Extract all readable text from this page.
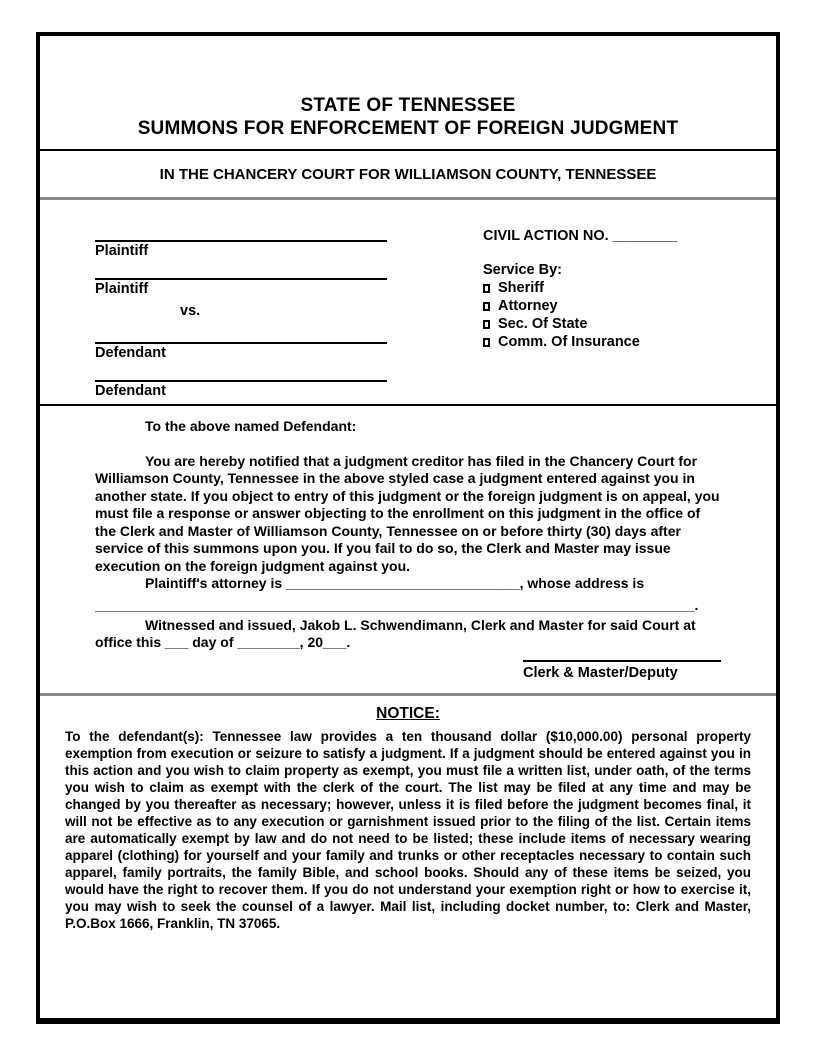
STATE OF TENNESSEE
SUMMONS FOR ENFORCEMENT OF FOREIGN JUDGMENT
IN THE CHANCERY COURT FOR WILLIAMSON COUNTY, TENNESSEE
Plaintiff
Plaintiff
vs.
Defendant
Defendant
CIVIL ACTION NO. ________
Service By:
Sheriff
Attorney
Sec. Of State
Comm. Of Insurance
To the above named Defendant:
You are hereby notified that a judgment creditor has filed in the Chancery Court for Williamson County, Tennessee in the above styled case a judgment entered against you in another state. If you object to entry of this judgment or the foreign judgment is on appeal, you must file a response or answer objecting to the enrollment on this judgment in the office of the Clerk and Master of Williamson County, Tennessee on or before thirty (30) days after service of this summons upon you. If you fail to do so, the Clerk and Master may issue execution on the foreign judgment against you.
Plaintiff's attorney is ______________________________, whose address is
_____________________________________________________________________________.
Witnessed and issued, Jakob L. Schwendimann, Clerk and Master for said Court at office this ___ day of ________, 20___.
Clerk & Master/Deputy
NOTICE:
To the defendant(s): Tennessee law provides a ten thousand dollar ($10,000.00) personal property exemption from execution or seizure to satisfy a judgment. If a judgment should be entered against you in this action and you wish to claim property as exempt, you must file a written list, under oath, of the terms you wish to claim as exempt with the clerk of the court. The list may be filed at any time and may be changed by you thereafter as necessary; however, unless it is filed before the judgment becomes final, it will not be effective as to any execution or garnishment issued prior to the filing of the list. Certain items are automatically exempt by law and do not need to be listed; these include items of necessary wearing apparel (clothing) for yourself and your family and trunks or other receptacles necessary to contain such apparel, family portraits, the family Bible, and school books. Should any of these items be seized, you would have the right to recover them. If you do not understand your exemption right or how to exercise it, you may wish to seek the counsel of a lawyer. Mail list, including docket number, to: Clerk and Master, P.O.Box 1666, Franklin, TN 37065.
